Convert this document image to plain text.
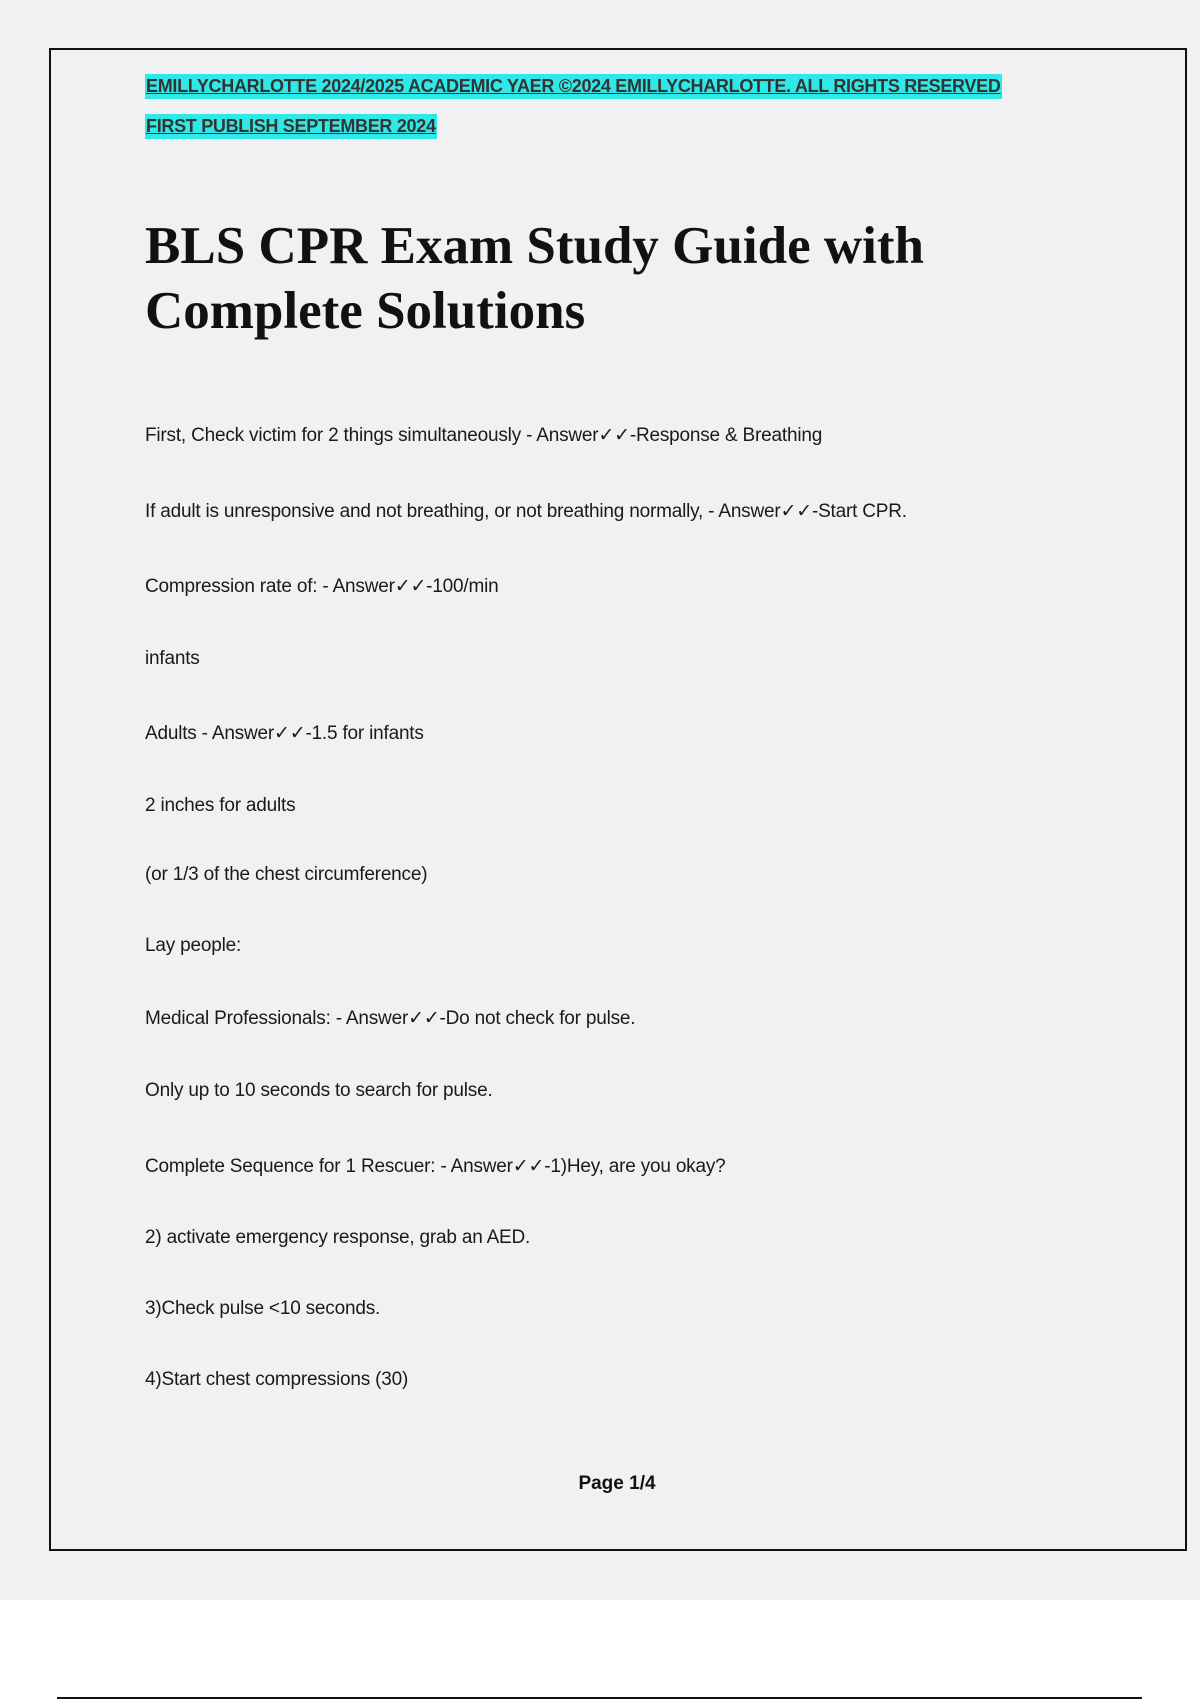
EMILLYCHARLOTTE 2024/2025 ACADEMIC YAER ©2024 EMILLYCHARLOTTE. ALL RIGHTS RESERVED
FIRST PUBLISH SEPTEMBER 2024
BLS CPR Exam Study Guide with Complete Solutions
First, Check victim for 2 things simultaneously - Answer✓✓-Response & Breathing
If adult is unresponsive and not breathing, or not breathing normally, - Answer✓✓-Start CPR.
Compression rate of: - Answer✓✓-100/min
infants
Adults - Answer✓✓-1.5 for infants
2 inches for adults
(or 1/3 of the chest circumference)
Lay people:
Medical Professionals: - Answer✓✓-Do not check for pulse.
Only up to 10 seconds to search for pulse.
Complete Sequence for 1 Rescuer: - Answer✓✓-1)Hey, are you okay?
2) activate emergency response, grab an AED.
3)Check pulse <10 seconds.
4)Start chest compressions (30)
Page 1/4
